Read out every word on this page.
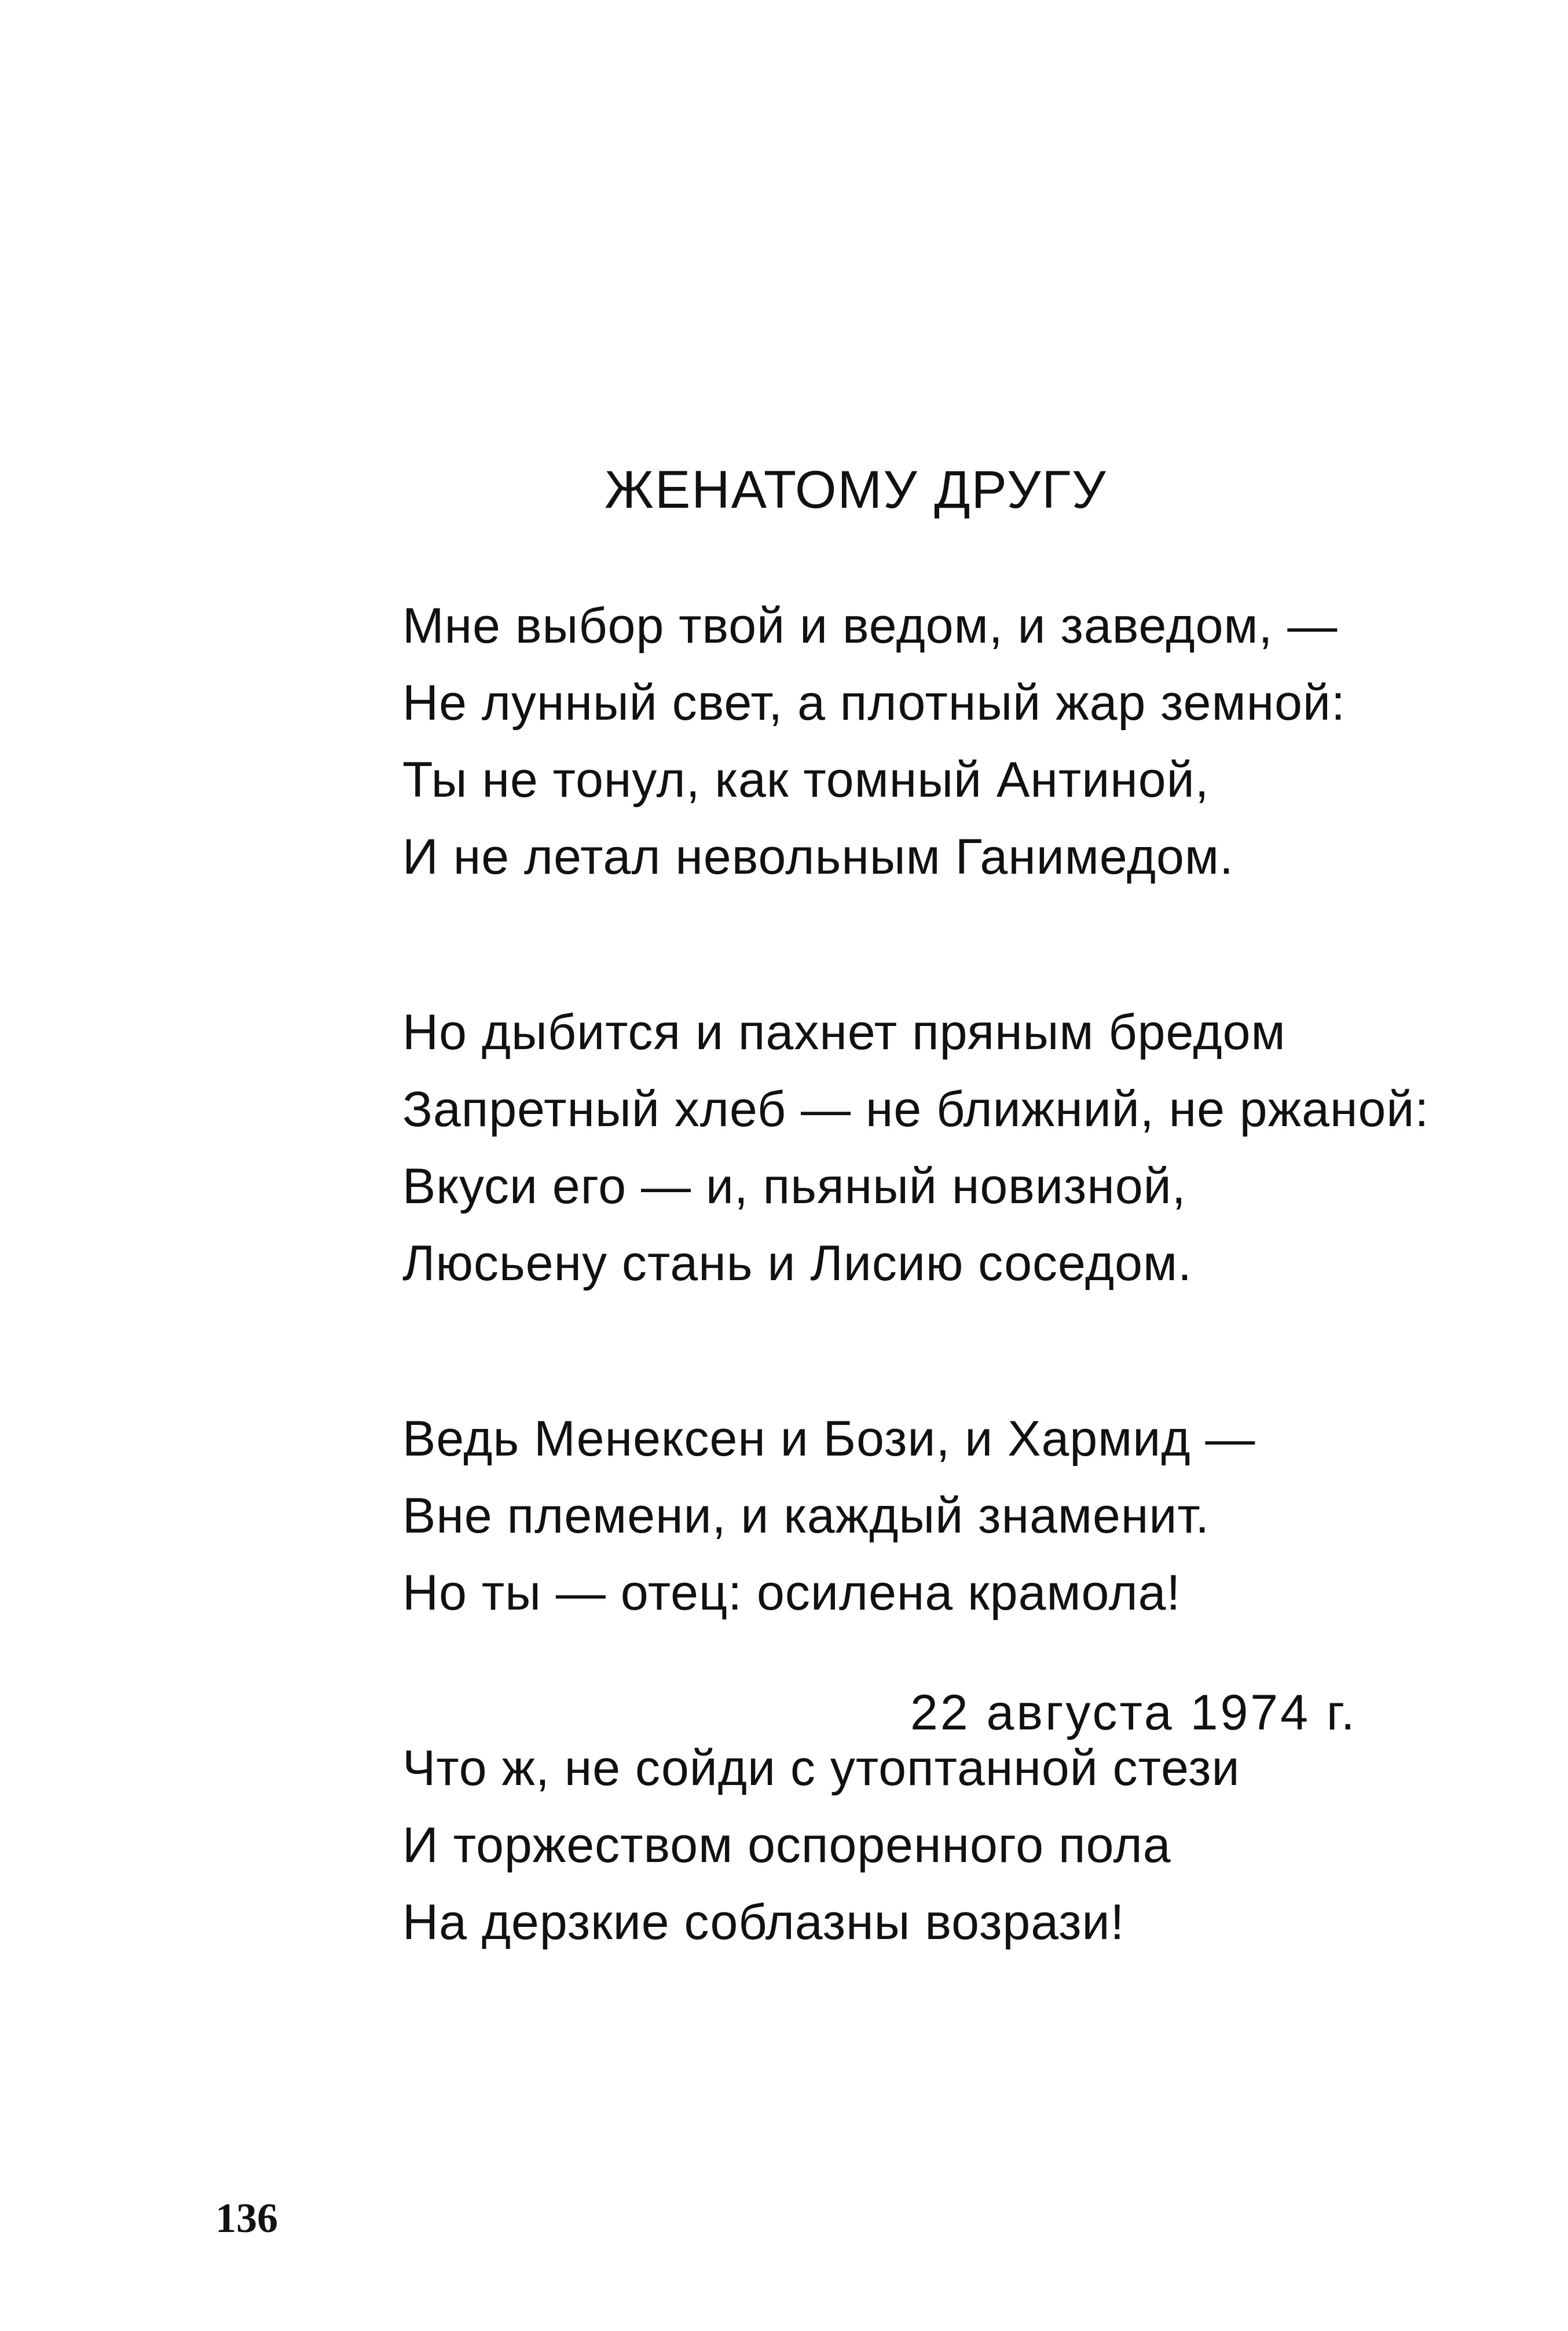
ЖЕНАТОМУ ДРУГУ
Мне выбор твой и ведом, и заведом, —
Не лунный свет, а плотный жар земной:
Ты не тонул, как томный Антиной,
И не летал невольным Ганимедом.
Но дыбится и пахнет пряным бредом
Запретный хлеб — не ближний, не ржаной:
Вкуси его — и, пьяный новизной,
Люсьену стань и Лисию соседом.
Ведь Менексен и Бози, и Хармид —
Вне племени, и каждый знаменит.
Но ты — отец: осилена крамола!
Что ж, не сойди с утоптанной стези
И торжеством оспоренного пола
На дерзкие соблазны возрази!
22 августа 1974 г.
136
